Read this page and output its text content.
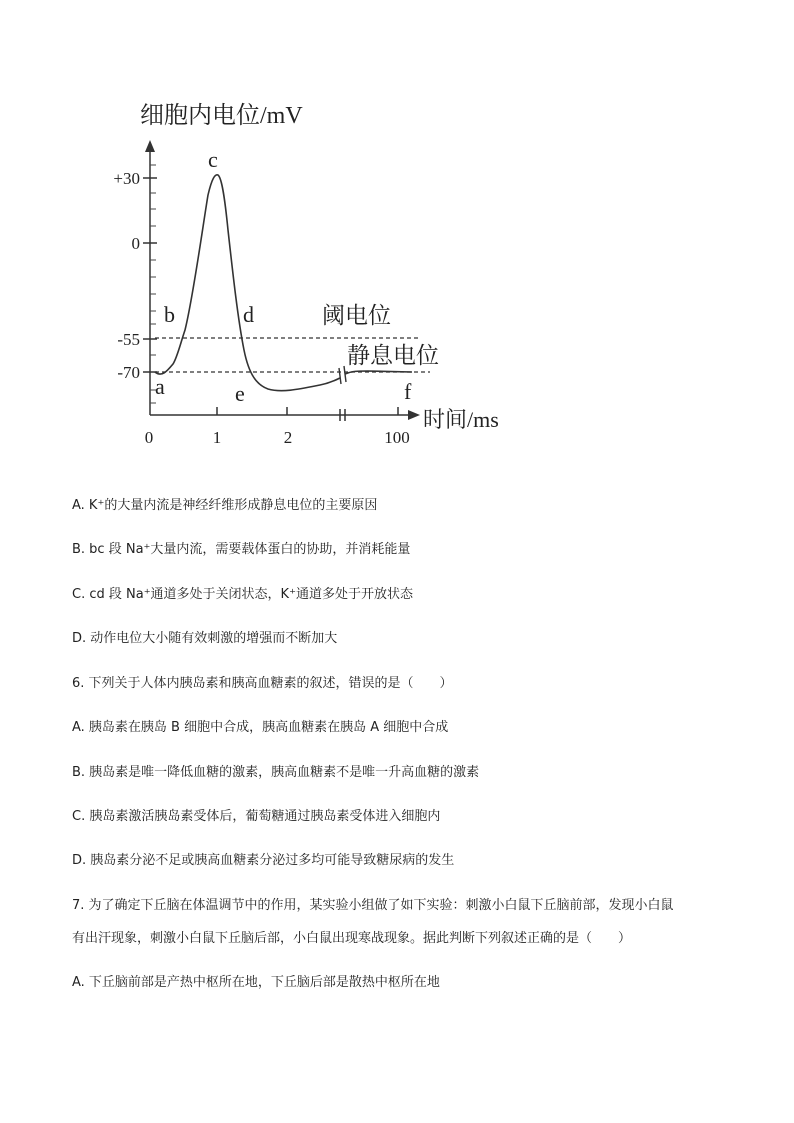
细胞内电位/mV
时间/ms
+30
0
-55
-70
0	1	2	100
a
b
c
d
e	f
阈电位
静息电位

A. K⁺的大量内流是神经纤维形成静息电位的主要原因

B. bc 段 Na⁺大量内流，需要载体蛋白的协助，并消耗能量

C. cd 段 Na⁺通道多处于关闭状态，K⁺通道多处于开放状态

D. 动作电位大小随有效刺激的增强而不断加大

6. 下列关于人体内胰岛素和胰高血糖素的叙述，错误的是（　　）

A. 胰岛素在胰岛 B 细胞中合成，胰高血糖素在胰岛 A 细胞中合成

B. 胰岛素是唯一降低血糖的激素，胰高血糖素不是唯一升高血糖的激素

C. 胰岛素激活胰岛素受体后，葡萄糖通过胰岛素受体进入细胞内

D. 胰岛素分泌不足或胰高血糖素分泌过多均可能导致糖尿病的发生

7. 为了确定下丘脑在体温调节中的作用，某实验小组做了如下实验：刺激小白鼠下丘脑前部，发现小白鼠

有出汗现象，刺激小白鼠下丘脑后部，小白鼠出现寒战现象。据此判断下列叙述正确的是（　　）

A. 下丘脑前部是产热中枢所在地，下丘脑后部是散热中枢所在地
